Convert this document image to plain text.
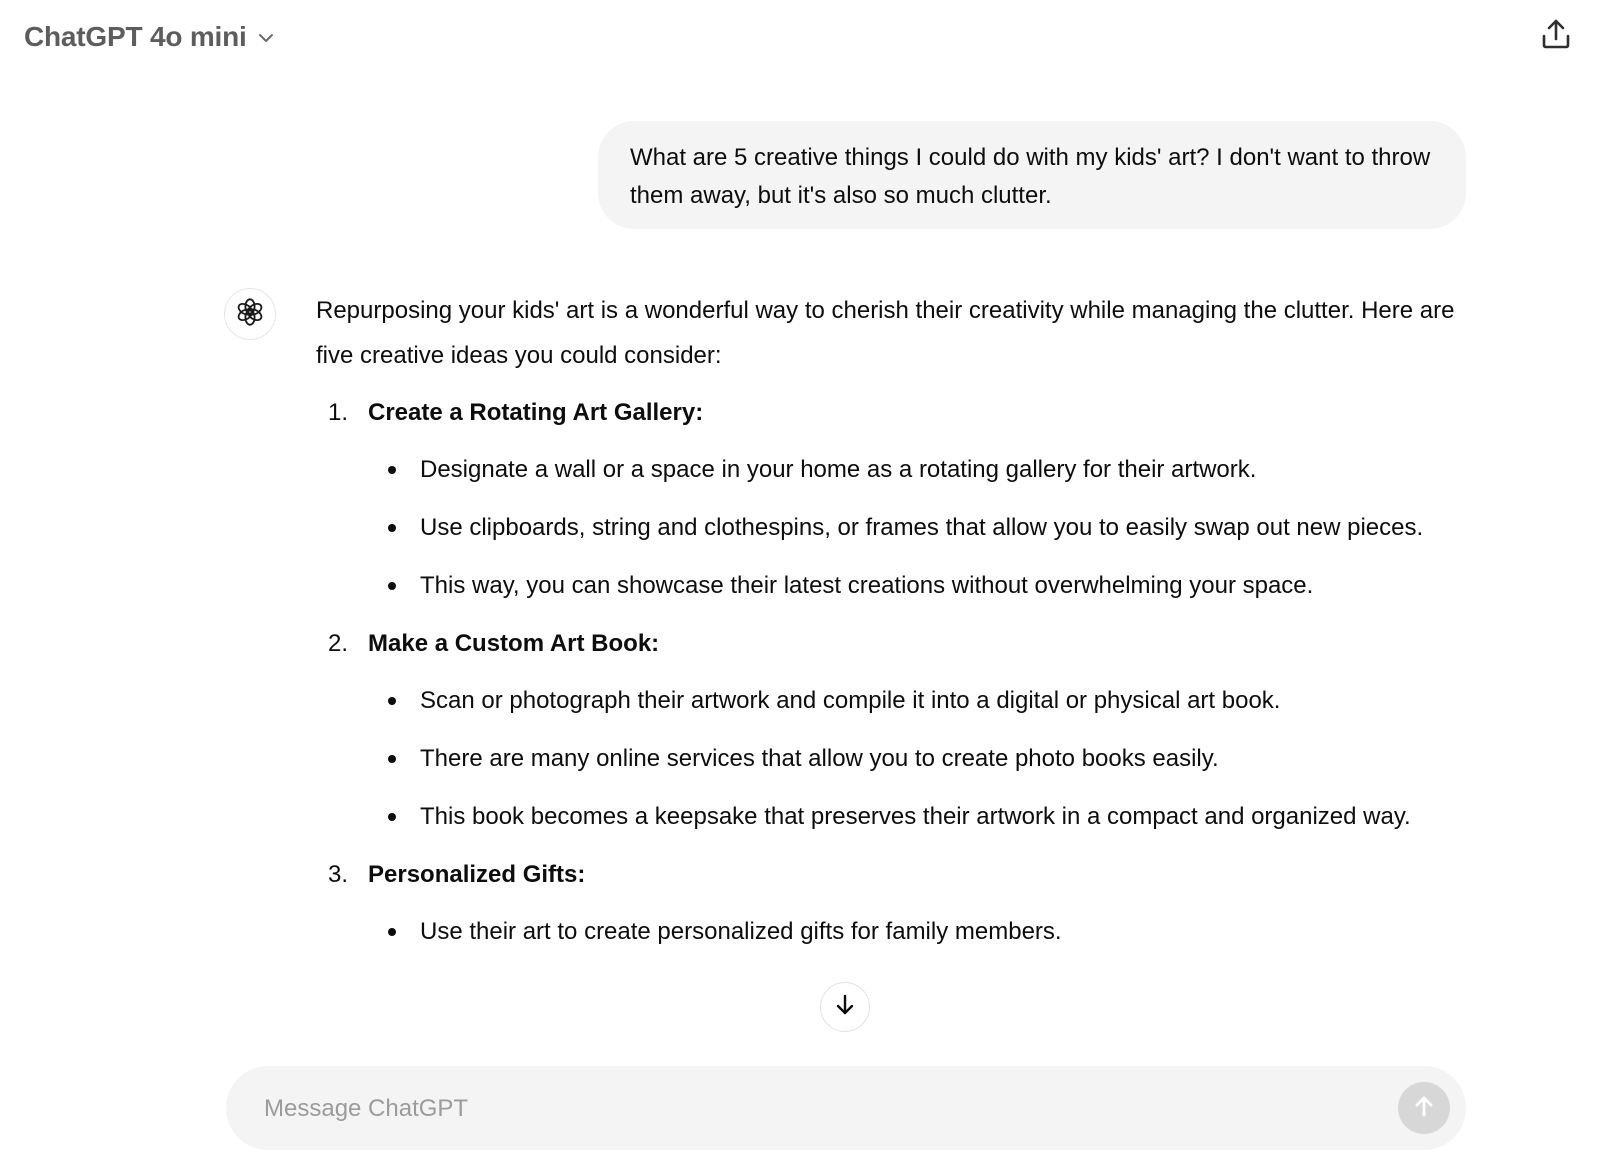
ChatGPT 4o mini
What are 5 creative things I could do with my kids' art? I don't want to throw them away, but it's also so much clutter.

Repurposing your kids' art is a wonderful way to cherish their creativity while managing the clutter. Here are five creative ideas you could consider:

1. Create a Rotating Art Gallery:
Designate a wall or a space in your home as a rotating gallery for their artwork.
Use clipboards, string and clothespins, or frames that allow you to easily swap out new pieces.
This way, you can showcase their latest creations without overwhelming your space.
2. Make a Custom Art Book:
Scan or photograph their artwork and compile it into a digital or physical art book.
There are many online services that allow you to create photo books easily.
This book becomes a keepsake that preserves their artwork in a compact and organized way.
3. Personalized Gifts:
Use their art to create personalized gifts for family members.
Message ChatGPT
